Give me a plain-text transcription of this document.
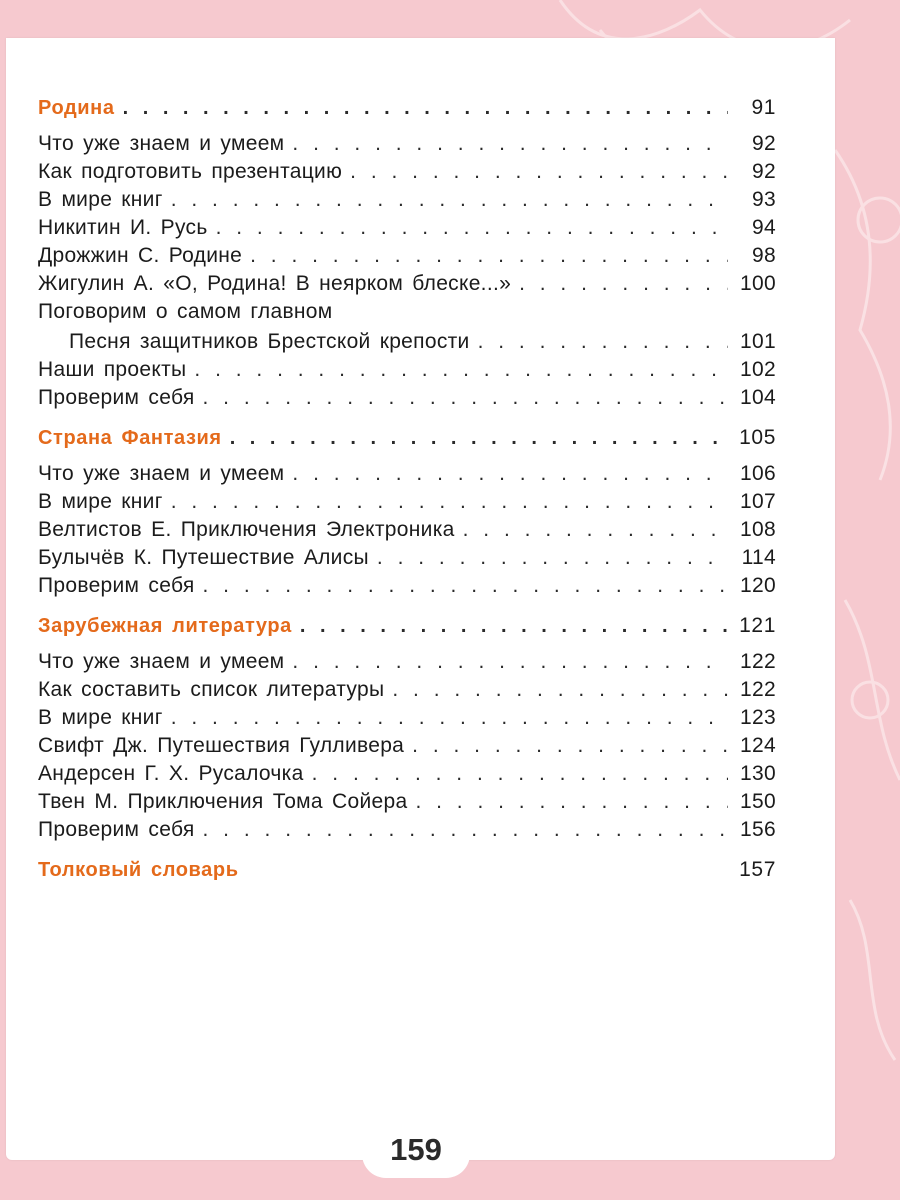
Родина . . .	91
Что уже знаем и умеем . . .	92
Как подготовить презентацию . . .	92
В мире книг . . .	93
Никитин И. Русь . . .	94
Дрожжин С. Родине . . .	98
Жигулин А. «О, Родина! В неярком блеске...» . . .	100
Поговорим о самом главном
Песня защитников Брестской крепости . . .	101
Наши проекты . . .	102
Проверим себя . . .	104
Страна Фантазия . . .	105
Что уже знаем и умеем . . .	106
В мире книг . . .	107
Велтистов Е. Приключения Электроника . . .	108
Булычёв К. Путешествие Алисы . . .	114
Проверим себя . . .	120
Зарубежная литература . . .	121
Что уже знаем и умеем . . .	122
Как составить список литературы . . .	122
В мире книг . . .	123
Свифт Дж. Путешествия Гулливера . . .	124
Андерсен Г. Х. Русалочка . . .	130
Твен М. Приключения Тома Сойера . . .	150
Проверим себя . . .	156
Толковый словарь	157
159
